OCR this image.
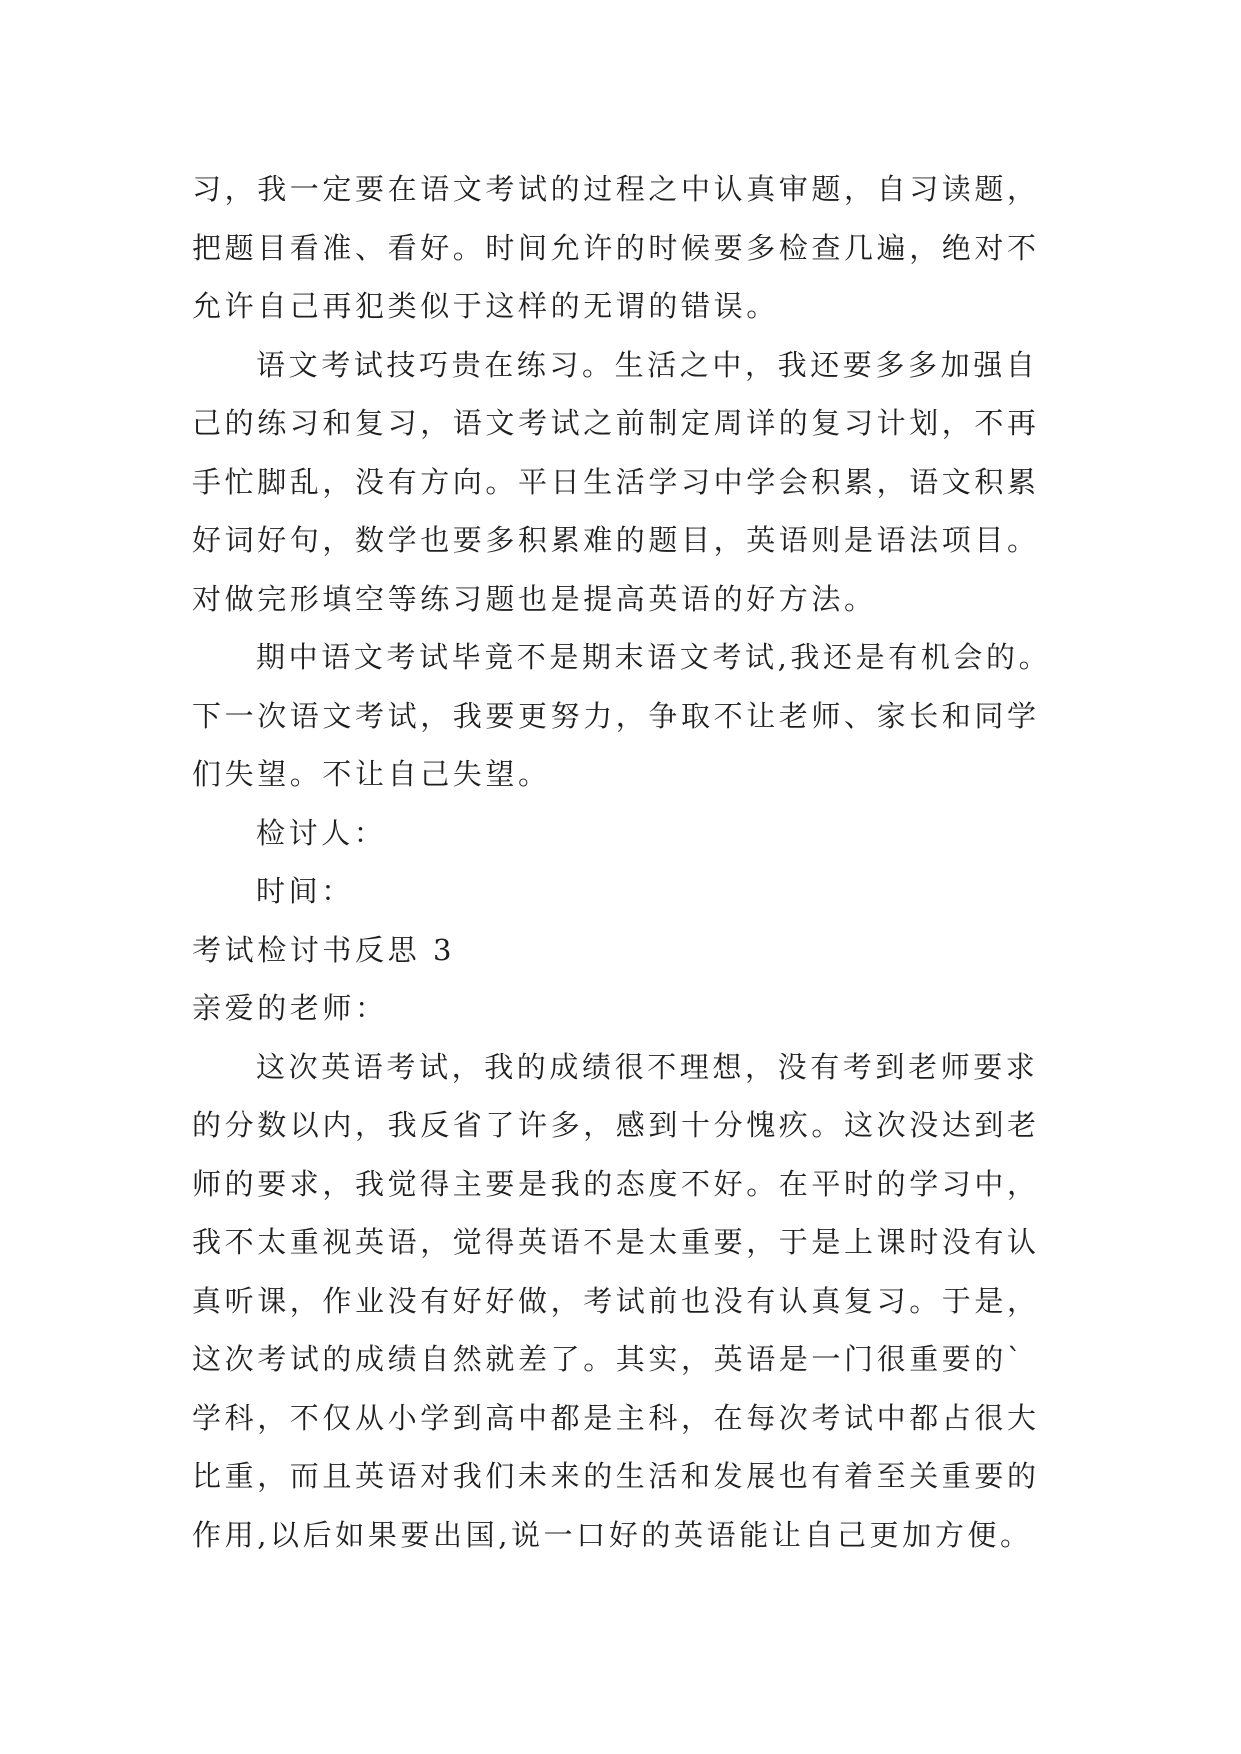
习，我一定要在语文考试的过程之中认真审题，自习读题，
把题目看准、看好。时间允许的时候要多检查几遍，绝对不
允许自己再犯类似于这样的无谓的错误。
语文考试技巧贵在练习。生活之中，我还要多多加强自
己的练习和复习，语文考试之前制定周详的复习计划，不再
手忙脚乱，没有方向。平日生活学习中学会积累，语文积累
好词好句，数学也要多积累难的题目，英语则是语法项目。
对做完形填空等练习题也是提高英语的好方法。
期中语文考试毕竟不是期末语文考试,我还是有机会的。
下一次语文考试，我要更努力，争取不让老师、家长和同学
们失望。不让自己失望。
检讨人：
时间：
考试检讨书反思 3
亲爱的老师：
这次英语考试，我的成绩很不理想，没有考到老师要求
的分数以内，我反省了许多，感到十分愧疚。这次没达到老
师的要求，我觉得主要是我的态度不好。在平时的学习中，
我不太重视英语，觉得英语不是太重要，于是上课时没有认
真听课，作业没有好好做，考试前也没有认真复习。于是，
这次考试的成绩自然就差了。其实，英语是一门很重要的`
学科，不仅从小学到高中都是主科，在每次考试中都占很大
比重，而且英语对我们未来的生活和发展也有着至关重要的
作用,以后如果要出国,说一口好的英语能让自己更加方便。
